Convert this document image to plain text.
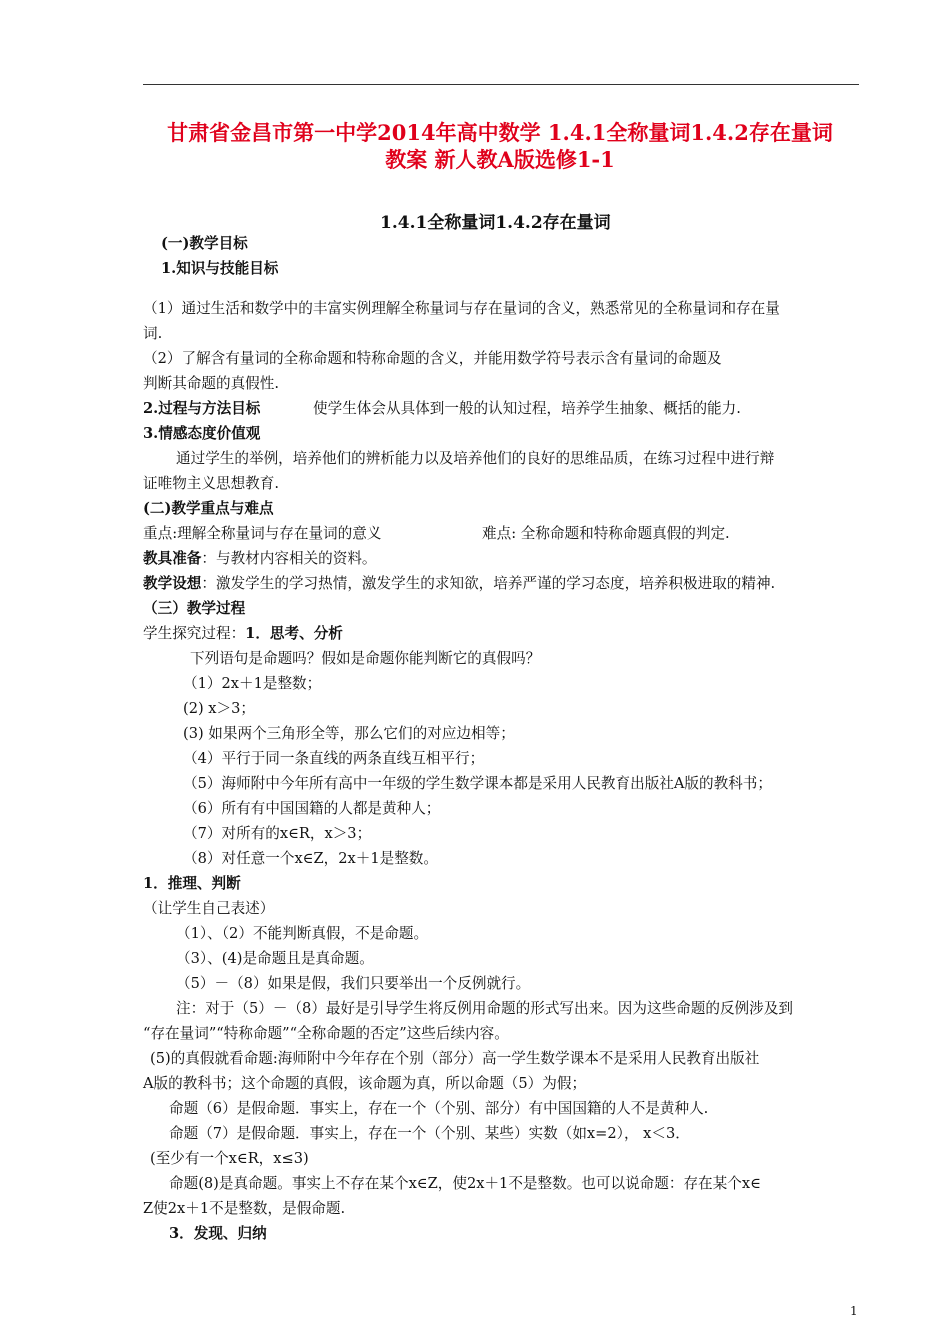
甘肃省金昌市第一中学2014年高中数学 1.4.1全称量词1.4.2存在量词
教案 新人教A版选修1-1
1.4.1全称量词1.4.2存在量词
(一)教学目标
1.知识与技能目标
（1）通过生活和数学中的丰富实例理解全称量词与存在量词的含义，熟悉常见的全称量词和存在量
词.
（2）了解含有量词的全称命题和特称命题的含义，并能用数学符号表示含有量词的命题及
判断其命题的真假性.
2.过程与方法目标	使学生体会从具体到一般的认知过程，培养学生抽象、概括的能力.
3.情感态度价值观
通过学生的举例，培养他们的辨析能力以及培养他们的良好的思维品质，在练习过程中进行辩
证唯物主义思想教育.
(二)教学重点与难点
重点:理解全称量词与存在量词的意义	难点: 全称命题和特称命题真假的判定.
教具准备：与教材内容相关的资料。
教学设想：激发学生的学习热情，激发学生的求知欲，培养严谨的学习态度，培养积极进取的精神.
（三）教学过程
学生探究过程：1．思考、分析
下列语句是命题吗？假如是命题你能判断它的真假吗？
（1）2x＋1是整数；
(2) x＞3；
(3) 如果两个三角形全等，那么它们的对应边相等；
（4）平行于同一条直线的两条直线互相平行；
（5）海师附中今年所有高中一年级的学生数学课本都是采用人民教育出版社A版的教科书；
（6）所有有中国国籍的人都是黄种人；
（7）对所有的x∈R，x＞3；
（8）对任意一个x∈Z，2x＋1是整数。
1．推理、判断
（让学生自己表述）
（1）、（2）不能判断真假，不是命题。
（3）、(4)是命题且是真命题。
（5）－（8）如果是假，我们只要举出一个反例就行。
注：对于（5）－（8）最好是引导学生将反例用命题的形式写出来。因为这些命题的反例涉及到
“存在量词”“特称命题”“全称命题的否定”这些后续内容。
(5)的真假就看命题:海师附中今年存在个别（部分）高一学生数学课本不是采用人民教育出版社
A版的教科书；这个命题的真假，该命题为真，所以命题（5）为假；
命题（6）是假命题．事实上，存在一个（个别、部分）有中国国籍的人不是黄种人.
命题（7）是假命题．事实上，存在一个（个别、某些）实数（如x=2）， x＜3．
(至少有一个x∈R，x≤3)
命题(8)是真命题。事实上不存在某个x∈Z，使2x＋1不是整数。也可以说命题：存在某个x∈
Z使2x＋1不是整数，是假命题.
3．发现、归纳
1
